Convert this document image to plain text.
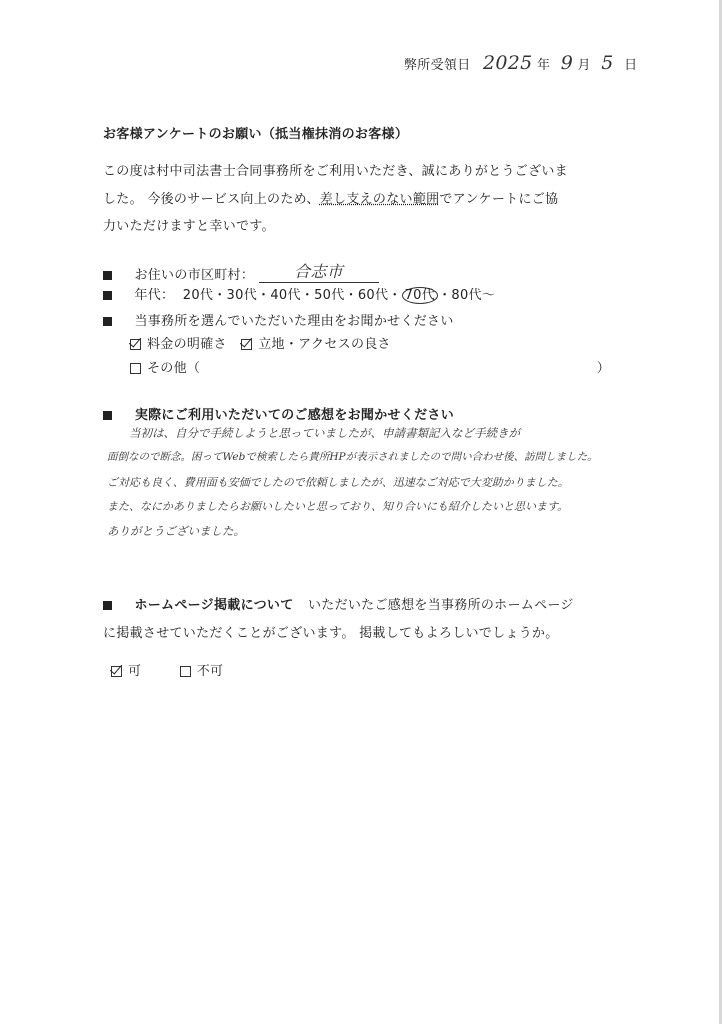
弊所受領日 2025 年 9 月 5 日
お客様アンケートのお願い（抵当権抹消のお客様）
この度は村中司法書士合同事務所をご利用いただき、誠にありがとうございま
した。 今後のサービス向上のため、差し支えのない範囲でアンケートにご協
力いただけますと幸いです。
お住いの市区町村： 合志市
年代： 20代・30代・40代・50代・60代・ 70代 ・80代～
当事務所を選んでいただいた理由をお聞かせください
料金の明確さ 立地・アクセスの良さ
その他（	）
実際にご利用いただいてのご感想をお聞かせください
当初は、自分で手続しようと思っていましたが、申請書類記入など手続きが
面倒なので断念。困ってWebで検索したら貴所HPが表示されましたので問い合わせ後、訪問しました。
ご対応も良く、費用面も安価でしたので依頼しましたが、迅速なご対応で大変助かりました。
また、なにかありましたらお願いしたいと思っており、知り合いにも紹介したいと思います。
ありがとうございました。
ホームページ掲載について いただいたご感想を当事務所のホームページ
に掲載させていただくことがございます。 掲載してもよろしいでしょうか。
可	不可
